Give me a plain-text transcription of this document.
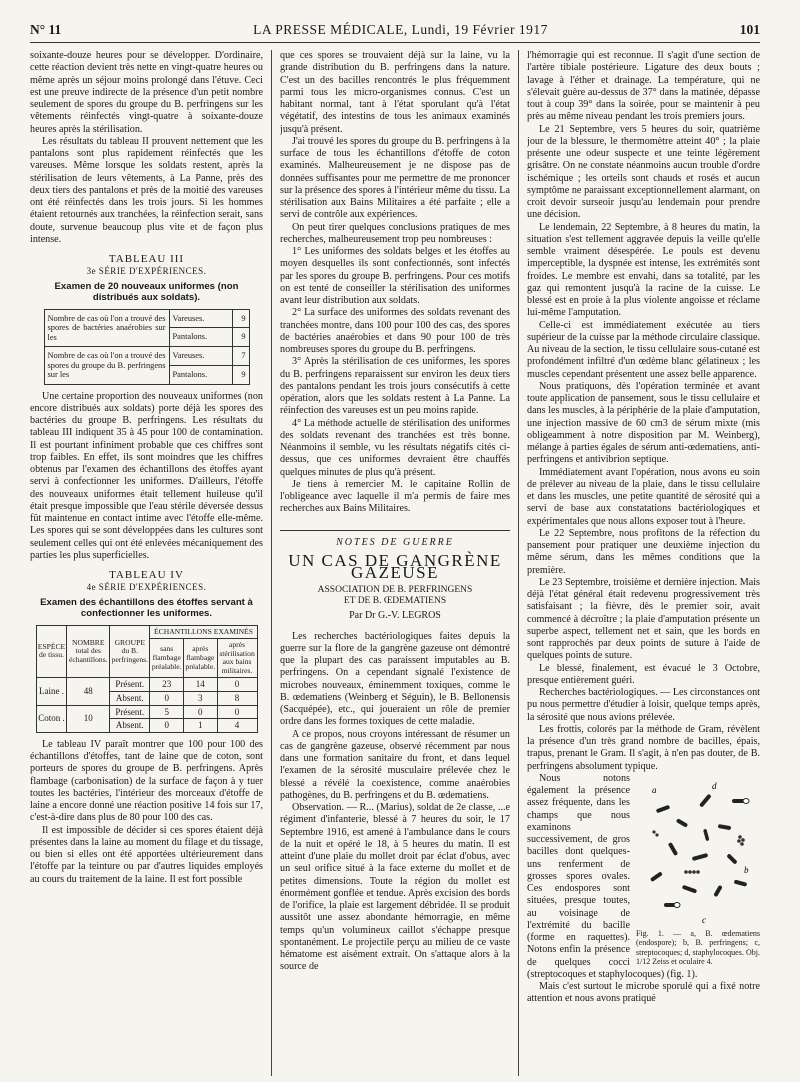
N° 11	LA PRESSE MÉDICALE, Lundi, 19 Février 1917	101

soixante-douze heures pour se développer. D'ordinaire, cette réaction devient très nette en vingt-quatre heures ou même après un séjour moins prolongé dans l'étuve. Ceci est une preuve indirecte de la présence d'un petit nombre seulement de spores du groupe du B. perfringens sur les vêtements réinfectés vingt-quatre à soixante-douze heures après la stérilisation.

Les résultats du tableau II prouvent nettement que les pantalons sont plus rapidement réinfectés que les vareuses. Même lorsque les soldats restent, après la stérilisation de leurs vêtements, à La Panne, près des deux tiers des pantalons et près de la moitié des vareuses ont été réinfectés dans les trois jours. Si les hommes étaient retournés aux tranchées, la réinfection serait, sans doute, survenue beaucoup plus vite et de façon plus intense.

TABLEAU III
3e SÉRIE D'EXPÉRIENCES.
Examen de 20 nouveaux uniformes (non distribués aux soldats).
Nombre de cas où l'on a trouvé des spores de bactéries anaérobies sur les	Vareuses.	9
	Pantalons.	9
Nombre de cas où l'on a trouvé des spores du groupe du B. perfringens sur les	Vareuses.	7
	Pantalons.	9

Une certaine proportion des nouveaux uniformes (non encore distribués aux soldats) porte déjà les spores des bactéries du groupe B. perfringens. Les résultats du tableau III indiquent 35 à 45 pour 100 de contamination. Il est pourtant infiniment probable que ces chiffres sont trop faibles. En effet, ils sont moindres que les chiffres obtenus par l'examen des échantillons des étoffes ayant servi à confectionner les uniformes. D'ailleurs, l'étoffe des nouveaux uniformes était tellement huileuse qu'il était presque impossible que l'eau stérile déversée dessus fût maintenue en contact intime avec l'étoffe elle-même. Les spores qui se sont développées dans les cultures sont seulement celles qui ont été enlevées mécaniquement des parties les plus superficielles.

TABLEAU IV
4e SÉRIE D'EXPÉRIENCES.
Examen des échantillons des étoffes servant à confectionner les uniformes.
ESPÈCE de tissu.	NOMBRE total des échantillons.	GROUPE du B. perfringens.	ÉCHANTILLONS EXAMINÉS		
			sans flambage préalable.	après flambage préalable.	après stérilisation aux bains militaires.
Laine .	48	Présent.	23	14	0
		Absent.	0	3	8
Coton .	10	Présent.	5	0	0
		Absent.	0	1	4

Le tableau IV paraît montrer que 100 pour 100 des échantillons d'étoffes, tant de laine que de coton, sont porteurs de spores du groupe de B. perfringens. Après flambage (carbonisation) de la surface de façon à y tuer toutes les bactéries, l'intérieur des morceaux d'étoffe de laine a encore donné une réaction positive 14 fois sur 17, c'est-à-dire dans plus de 80 pour 100 des cas.

Il est impossible de décider si ces spores étaient déjà présentes dans la laine au moment du filage et du tissage, ou bien si elles ont été apportées ultérieurement dans l'étoffe par la teinture ou par d'autres liquides employés au cours du traitement de la laine. Il est fort possible

que ces spores se trouvaient déjà sur la laine, vu la grande distribution du B. perfringens dans la nature. C'est un des bacilles rencontrés le plus fréquemment parmi tous les micro-organismes connus. C'est un habitant normal, tant à l'état sporulant qu'à l'état végétatif, des intestins de tous les animaux examinés jusqu'à présent.

J'ai trouvé les spores du groupe du B. perfringens à la surface de tous les échantillons d'étoffe de coton examinés. Malheureusement je ne dispose pas de données suffisantes pour me permettre de me prononcer sur la présence des spores à l'intérieur même du tissu. La stérilisation aux Bains Militaires a été parfaite ; elle a servi de contrôle aux expériences.

On peut tirer quelques conclusions pratiques de mes recherches, malheureusement trop peu nombreuses :

1° Les uniformes des soldats belges et les étoffes au moyen desquelles ils sont confectionnés, sont infectés par les spores du groupe B. perfringens. Pour ces motifs on est tenté de conseiller la stérilisation des uniformes avant leur distribution aux soldats.

2° La surface des uniformes des soldats revenant des tranchées montre, dans 100 pour 100 des cas, des spores de bactéries anaérobies et dans 90 pour 100 de très nombreuses spores du groupe du B. perfringens.

3° Après la stérilisation de ces uniformes, les spores du B. perfringens reparaissent sur environ les deux tiers des pantalons pendant les trois jours consécutifs à cette opération, alors que les soldats restent à La Panne. La réinfection des vareuses est un peu moins rapide.

4° La méthode actuelle de stérilisation des uniformes des soldats revenant des tranchées est très bonne. Néanmoins il semble, vu les résultats négatifs cités ci-dessus, que ces uniformes devraient être chauffés quelques minutes de plus qu'à présent.

Je tiens à remercier M. le capitaine Rollin de l'obligeance avec laquelle il m'a permis de faire mes recherches aux Bains Militaires.

NOTES DE GUERRE
UN CAS DE GANGRÈNE GAZEUSE
ASSOCIATION DE B. PERFRINGENS
ET DE B. ŒDEMATIENS
Par Dr G.-V. LEGROS

Les recherches bactériologiques faites depuis la guerre sur la flore de la gangrène gazeuse ont démontré que la plupart des cas paraissent imputables au B. perfringens. On a cependant signalé l'existence de microbes nouveaux, éminemment toxiques, comme le B. œdematiens (Weinberg et Séguin), le B. Bellonensis (Sacquépée), etc., qui joueraient un rôle de premier ordre dans les formes toxiques de cette maladie.

A ce propos, nous croyons intéressant de résumer un cas de gangrène gazeuse, observé récemment par nous dans une formation sanitaire du front, et dans lequel l'examen de la sérosité musculaire prélevée chez le blessé a révélé la coexistence, comme anaérobies pathogènes, du B. perfringens et du B. œdematiens.

Observation. — R... (Marius), soldat de 2e classe, ...e régiment d'infanterie, blessé à 7 heures du soir, le 17 Septembre 1916, est amené à l'ambulance dans le cours de la nuit et opéré le 18, à 5 heures du matin. Il est atteint d'une plaie du mollet droit par éclat d'obus, avec un seul orifice situé à la face externe du mollet et de petites dimensions. Toute la région du mollet est énormément gonflée et tendue. Après excision des bords de l'orifice, la plaie est largement débridée. Il se produit aussitôt une assez abondante hémorragie, en même temps qu'un volumineux caillot s'échappe presque spontanément. Le projectile perçu au milieu de ce vaste hématome est aisément extrait. On s'attaque alors à la source de

l'hémorragie qui est reconnue. Il s'agit d'une section de l'artère tibiale postérieure. Ligature des deux bouts ; lavage à l'éther et drainage. La température, qui ne s'élevait guère au-dessus de 37° dans la matinée, dépasse tout à coup 39° dans la soirée, pour se maintenir à peu près au même niveau pendant les trois premiers jours.

Le 21 Septembre, vers 5 heures du soir, quatrième jour de la blessure, le thermomètre atteint 40° ; la plaie présente une odeur suspecte et une teinte légèrement grisâtre. On ne constate néanmoins aucun trouble d'ordre ischémique ; les orteils sont chauds et rosés et aucun symptôme ne paraissant exceptionnellement alarmant, on croit devoir surseoir jusqu'au lendemain pour prendre une décision.

Le lendemain, 22 Septembre, à 8 heures du matin, la situation s'est tellement aggravée depuis la veille qu'elle semble vraiment désespérée. Le pouls est devenu imperceptible, la dyspnée est intense, les extrémités sont froides. Le membre est envahi, dans sa totalité, par les gaz qui remontent jusqu'à la racine de la cuisse. Le blessé est en proie à la plus violente angoisse et réclame lui-même l'amputation.

Celle-ci est immédiatement exécutée au tiers supérieur de la cuisse par la méthode circulaire classique. Au niveau de la section, le tissu cellulaire sous-cutané est profondément infiltré d'un œdème blanc gélatineux ; les muscles cependant présentent une assez belle apparence.

Nous pratiquons, dès l'opération terminée et avant toute application de pansement, sous le tissu cellulaire et dans les muscles, à la périphérie de la plaie d'amputation, une injection massive de 60 cm3 de sérum mixte (mis obligeamment à notre disposition par M. Weinberg), mélange à parties égales de sérum anti-œdematiens, anti-perfringens et antivibrion septique.

Immédiatement avant l'opération, nous avons eu soin de prélever au niveau de la plaie, dans le tissu cellulaire et dans les muscles, une petite quantité de sérosité qui a servi de base aux constatations bactériologiques et expérimentales que nous allons exposer tout à l'heure.

Le 22 Septembre, nous profitons de la réfection du pansement pour pratiquer une deuxième injection du même sérum, dans les mêmes conditions que la première.

Le 23 Septembre, troisième et dernière injection. Mais déjà l'état général était redevenu progressivement très satisfaisant ; la fièvre, dès le premier soir, avait commencé à décroître ; la plaie d'amputation présente un superbe aspect, tellement net et sain, que les bords en sont rapprochés par deux points de suture à l'aide de quelques points de suture.

Le blessé, finalement, est évacué le 3 Octobre, presque entièrement guéri.

Recherches bactériologiques. — Les circonstances ont pu nous permettre d'étudier à loisir, quelque temps après, la sérosité que nous avions prélevée.

Les frottis, colorés par la méthode de Gram, révèlent la présence d'un très grand nombre de bacilles, épais, trapus, prenant le Gram. Il s'agit, à n'en pas douter, de B. perfringens absolument typique.

a	d
b
c
Fig. 1. — a, B. œdematiens (endospore); b, B. perfringens; c, streptocoques; d, staphylocoques. Obj. 1/12 Zeiss et oculaire 4.

Nous notons également la présence assez fréquente, dans les champs que nous examinons successivement, de gros bacilles dont quelques-uns renferment de grosses spores ovales. Ces endospores sont situées, presque toutes, au voisinage de l'extrémité du bacille (forme en raquettes). Notons enfin la présence de quelques cocci (streptocoques et staphylocoques) (fig. 1).

Mais c'est surtout le microbe sporulé qui a fixé notre attention et nous avons pratiqué
